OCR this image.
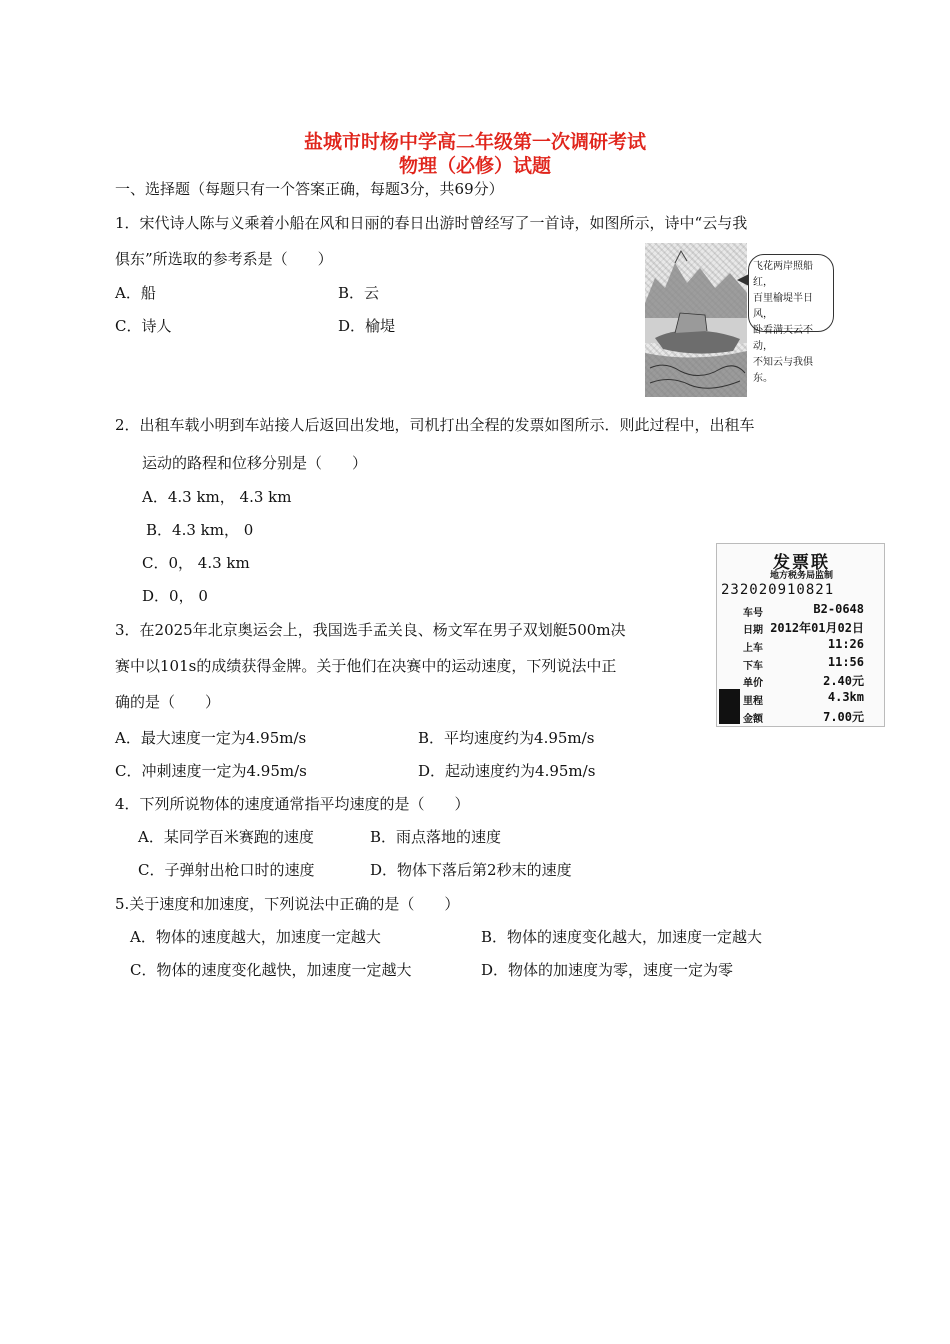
盐城市时杨中学高二年级第一次调研考试
物理（必修）试题
一、选择题（每题只有一个答案正确，每题3分，共69分）
1．宋代诗人陈与义乘着小船在风和日丽的春日出游时曾经写了一首诗，如图所示，诗中“云与我
俱东”所选取的参考系是（　　）
A．船	B．云
C．诗人	D．榆堤
飞花两岸照船红，
百里榆堤半日风，
卧看满天云不动，
不知云与我俱东。
2．出租车载小明到车站接人后返回出发地，司机打出全程的发票如图所示．则此过程中，出租车
运动的路程和位移分别是（　　）
A．4.3 km， 4.3 km
B．4.3 km， 0
C．0， 4.3 km
D．0， 0
发票联
地方税务局监制
232020910821
车号	B2-0648
日期 2012年01月02日
上车	11:26
下车	11:56
单价	2.40元
里程	4.3km
金额	7.00元
3．在2025年北京奥运会上，我国选手孟关良、杨文军在男子双划艇500m决
赛中以101s的成绩获得金牌。关于他们在决赛中的运动速度，下列说法中正
确的是（　　）
A．最大速度一定为4.95m/s	B．平均速度约为4.95m/s
C．冲刺速度一定为4.95m/s	D．起动速度约为4.95m/s
4．下列所说物体的速度通常指平均速度的是（　　）
A．某同学百米赛跑的速度	B．雨点落地的速度
C．子弹射出枪口时的速度	D．物体下落后第2秒末的速度
5.关于速度和加速度，下列说法中正确的是（　　）
A．物体的速度越大，加速度一定越大	B．物体的速度变化越大，加速度一定越大
C．物体的速度变化越快，加速度一定越大	D．物体的加速度为零，速度一定为零
